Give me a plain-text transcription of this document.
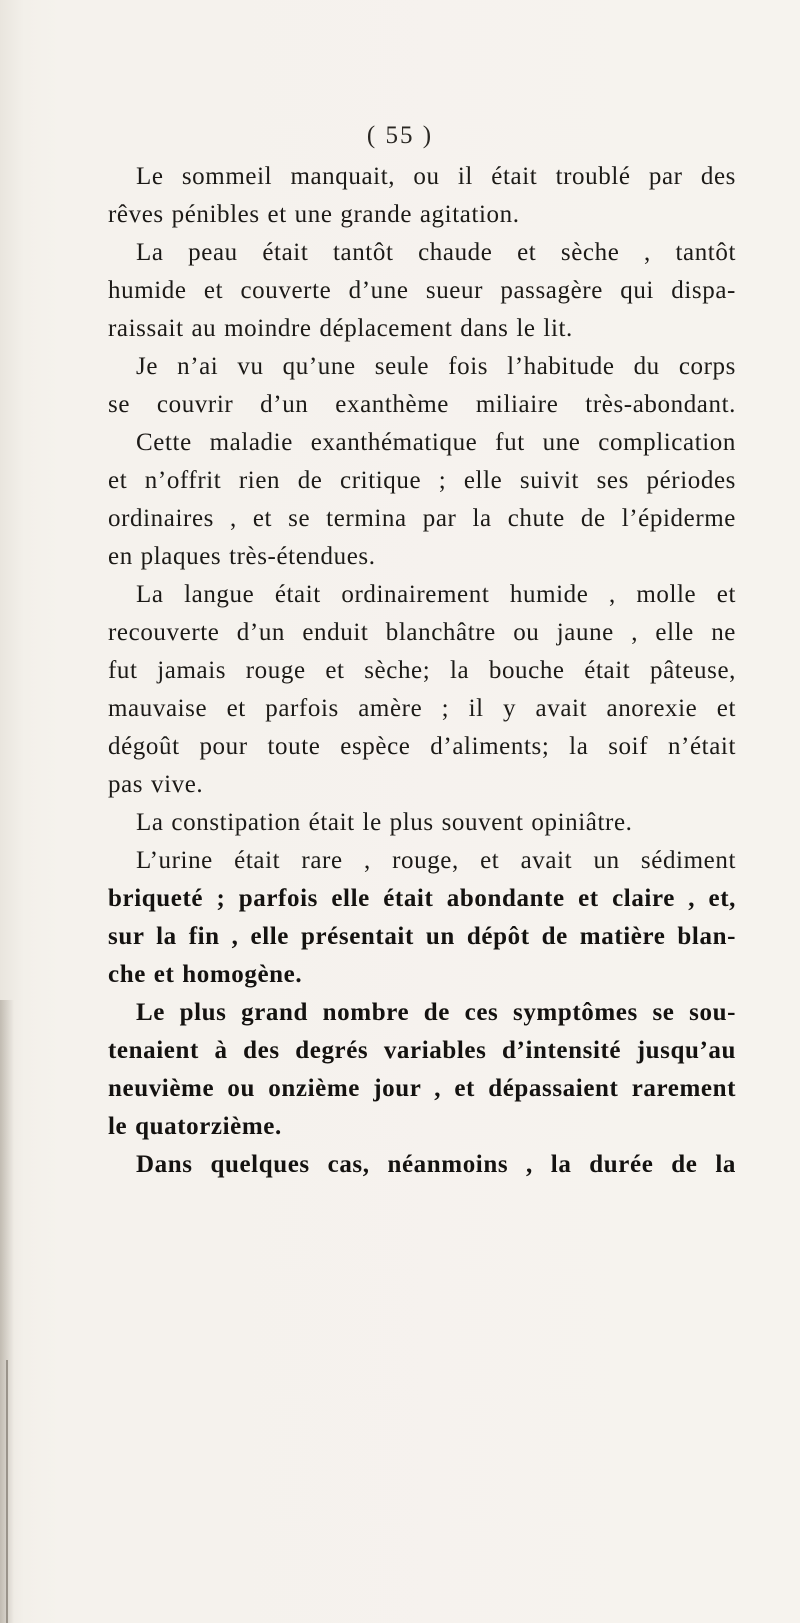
( 55 )
Le sommeil manquait, ou il était troublé par des
rêves pénibles et une grande agitation.
La peau était tantôt chaude et sèche , tantôt
humide et couverte d’une sueur passagère qui dispa-
raissait au moindre déplacement dans le lit.
Je n’ai vu qu’une seule fois l’habitude du corps
se couvrir d’un exanthème miliaire très-abondant.
Cette maladie exanthématique fut une complication
et n’offrit rien de critique ; elle suivit ses périodes
ordinaires , et se termina par la chute de l’épiderme
en plaques très-étendues.
La langue était ordinairement humide , molle et
recouverte d’un enduit blanchâtre ou jaune , elle ne
fut jamais rouge et sèche; la bouche était pâteuse,
mauvaise et parfois amère ; il y avait anorexie et
dégoût pour toute espèce d’aliments; la soif n’était
pas vive.
La constipation était le plus souvent opiniâtre.
L’urine était rare , rouge, et avait un sédiment
briqueté ; parfois elle était abondante et claire , et,
sur la fin , elle présentait un dépôt de matière blan-
che et homogène.
Le plus grand nombre de ces symptômes se sou-
tenaient à des degrés variables d’intensité jusqu’au
neuvième ou onzième jour , et dépassaient rarement
le quatorzième.
Dans quelques cas, néanmoins , la durée de la
